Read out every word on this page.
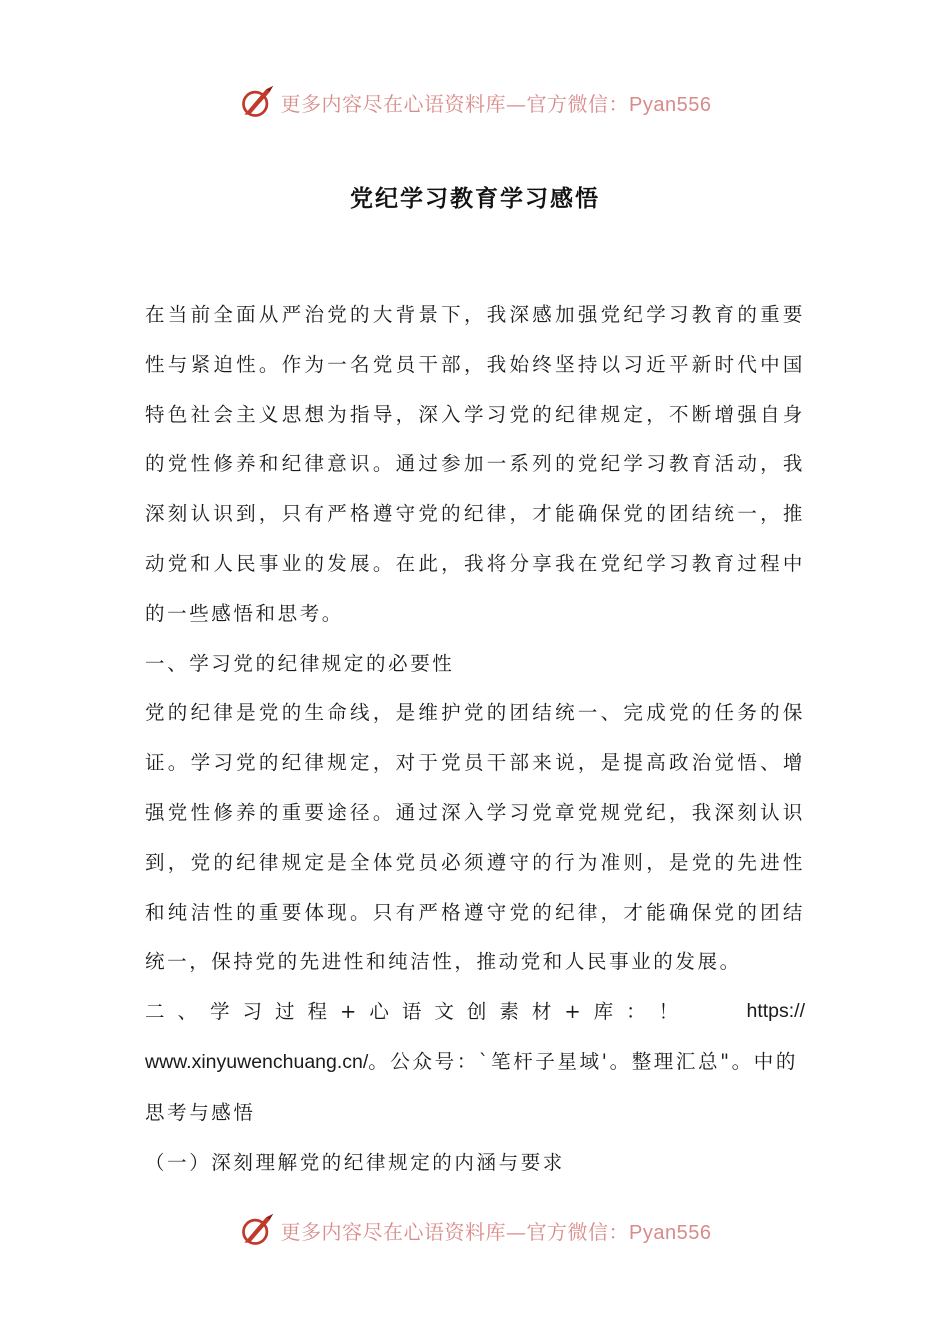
更多内容尽在心语资料库—官方微信：Pyan556
党纪学习教育学习感悟

在当前全面从严治党的大背景下，我深感加强党纪学习教育的重要性与紧迫性。作为一名党员干部，我始终坚持以习近平新时代中国特色社会主义思想为指导，深入学习党的纪律规定，不断增强自身的党性修养和纪律意识。通过参加一系列的党纪学习教育活动，我深刻认识到，只有严格遵守党的纪律，才能确保党的团结统一，推动党和人民事业的发展。在此，我将分享我在党纪学习教育过程中的一些感悟和思考。

一、学习党的纪律规定的必要性

党的纪律是党的生命线，是维护党的团结统一、完成党的任务的保证。学习党的纪律规定，对于党员干部来说，是提高政治觉悟、增强党性修养的重要途径。通过深入学习党章党规党纪，我深刻认识到，党的纪律规定是全体党员必须遵守的行为准则，是党的先进性和纯洁性的重要体现。只有严格遵守党的纪律，才能确保党的团结统一，保持党的先进性和纯洁性，推动党和人民事业的发展。

二、学习过程+心语文创素材+库：！	https://
www.xinyuwenchuang.cn/。公众号：`笔杆子星域'。整理汇总"。中的
思考与感悟

（一）深刻理解党的纪律规定的内涵与要求

更多内容尽在心语资料库—官方微信：Pyan556
